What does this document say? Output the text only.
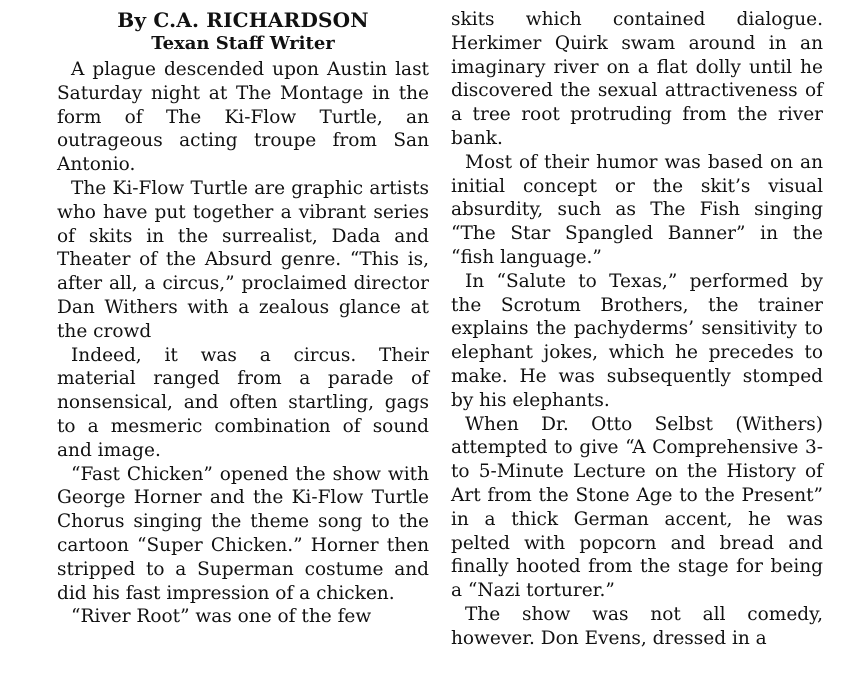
By C.A. RICHARDSON
Texan Staff Writer

A plague descended upon Austin last Saturday night at The Montage in the form of The Ki-Flow Turtle, an outrageous acting troupe from San Antonio.

The Ki-Flow Turtle are graphic artists who have put together a vibrant series of skits in the surrealist, Dada and Theater of the Absurd genre. “This is, after all, a circus,” proclaimed director Dan Withers with a zealous glance at the crowd

Indeed, it was a circus. Their material ranged from a parade of nonsensical, and often startling, gags to a mesmeric combination of sound and image.

“Fast Chicken” opened the show with George Horner and the Ki-Flow Turtle Chorus singing the theme song to the cartoon “Super Chicken.” Horner then stripped to a Superman costume and did his fast impression of a chicken.

“River Root” was one of the few

skits which contained dialogue. Herkimer Quirk swam around in an imaginary river on a flat dolly until he discovered the sexual attractiveness of a tree root protruding from the river bank.

Most of their humor was based on an initial concept or the skit’s visual absurdity, such as The Fish singing “The Star Spangled Banner” in the “fish language.”

In “Salute to Texas,” performed by the Scrotum Brothers, the trainer explains the pachyderms’ sensitivity to elephant jokes, which he precedes to make. He was subsequently stomped by his elephants.

When Dr. Otto Selbst (Withers) attempted to give “A Comprehensive 3- to 5-Minute Lecture on the History of Art from the Stone Age to the Present” in a thick German accent, he was pelted with popcorn and bread and finally hooted from the stage for being a “Nazi torturer.”

The show was not all comedy, however. Don Evens, dressed in a
